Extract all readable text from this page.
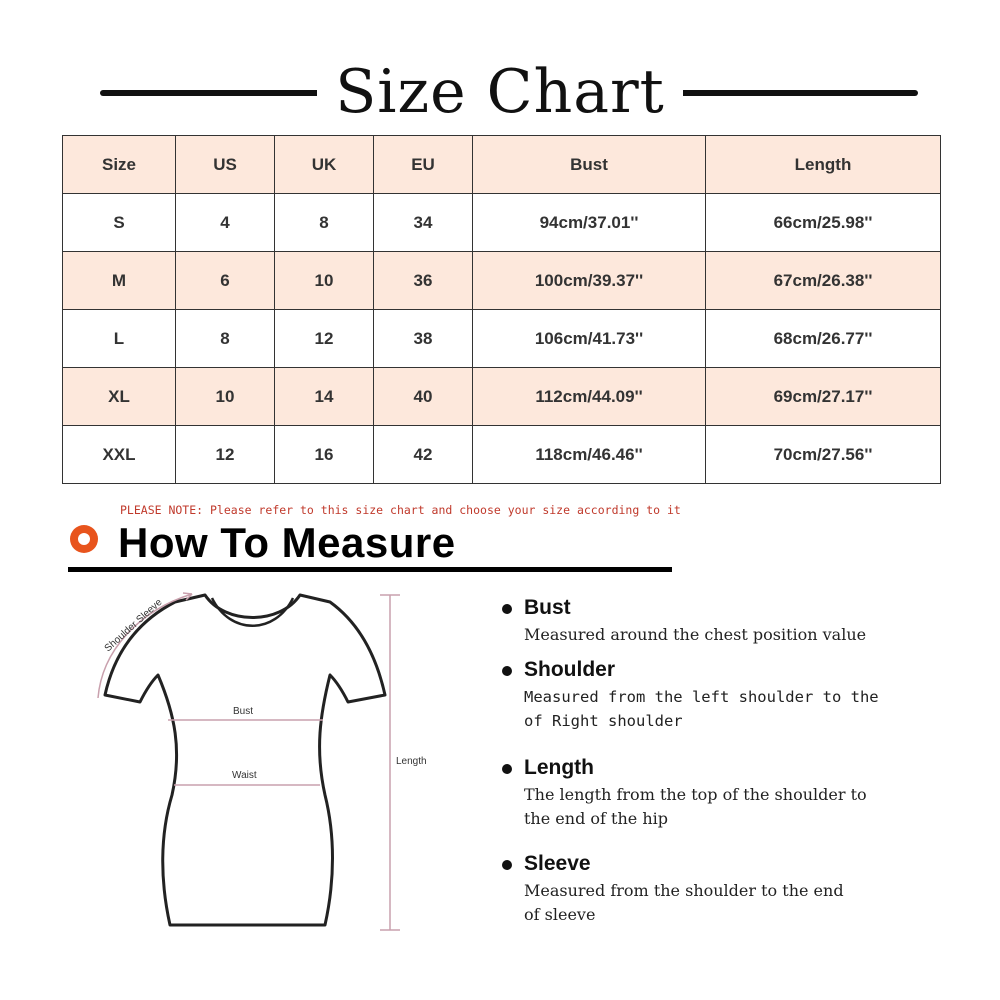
Size Chart
Size	US	UK	EU	Bust	Length
S	4	8	34	94cm/37.01''	66cm/25.98''
M	6	10	36	100cm/39.37''	67cm/26.38''
L	8	12	38	106cm/41.73''	68cm/26.77''
XL	10	14	40	112cm/44.09''	69cm/27.17''
XXL	12	16	42	118cm/46.46''	70cm/27.56''
PLEASE NOTE: Please refer to this size chart and choose your size according to it
How To Measure
Shoulder Sleeve
Bust
Waist
Length
Bust
Measured around the chest position value
Shoulder
Measured from the left shoulder to the
of Right shoulder
Length
The length from the top of the shoulder to
the end of the hip
Sleeve
Measured from the shoulder to the end
of sleeve
